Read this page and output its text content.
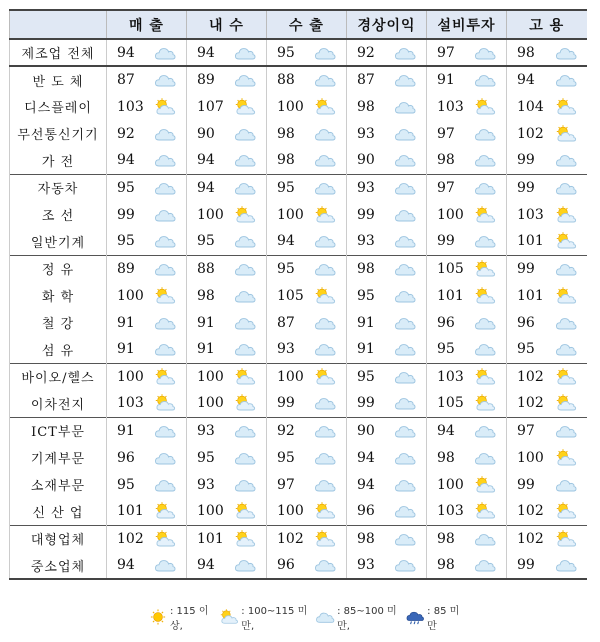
	매 출	내 수	수 출	경상이익	설비투자	고 용
제조업 전체	94	94	95	92	97	98

반 도 체	87	89	88	87	91	94

디스플레이	103	107	100	98	103	104

무선통신기기	92	90	98	93	97	102

가 전	94	94	98	90	98	99

자동차	95	94	95	93	97	99

조 선	99	100	100	99	100	103

일반기계	95	95	94	93	99	101

정 유	89	88	95	98	105	99

화 학	100	98	105	95	101	101

철 강	91	91	87	91	96	96

섬 유	91	91	93	91	95	95

바이오/헬스	100	100	100	95	103	102

이차전지	103	100	99	99	105	102

ICT부문	91	93	92	90	94	97

기계부문	96	95	95	94	98	100

소재부문	95	93	97	94	100	99

신 산 업	101	100	100	96	103	102

대형업체	102	101	102	98	98	102

중소업체	94	94	96	93	98	99
: 115 이상,
: 100~115 미만,
: 85~100 미만,
: 85 미만
